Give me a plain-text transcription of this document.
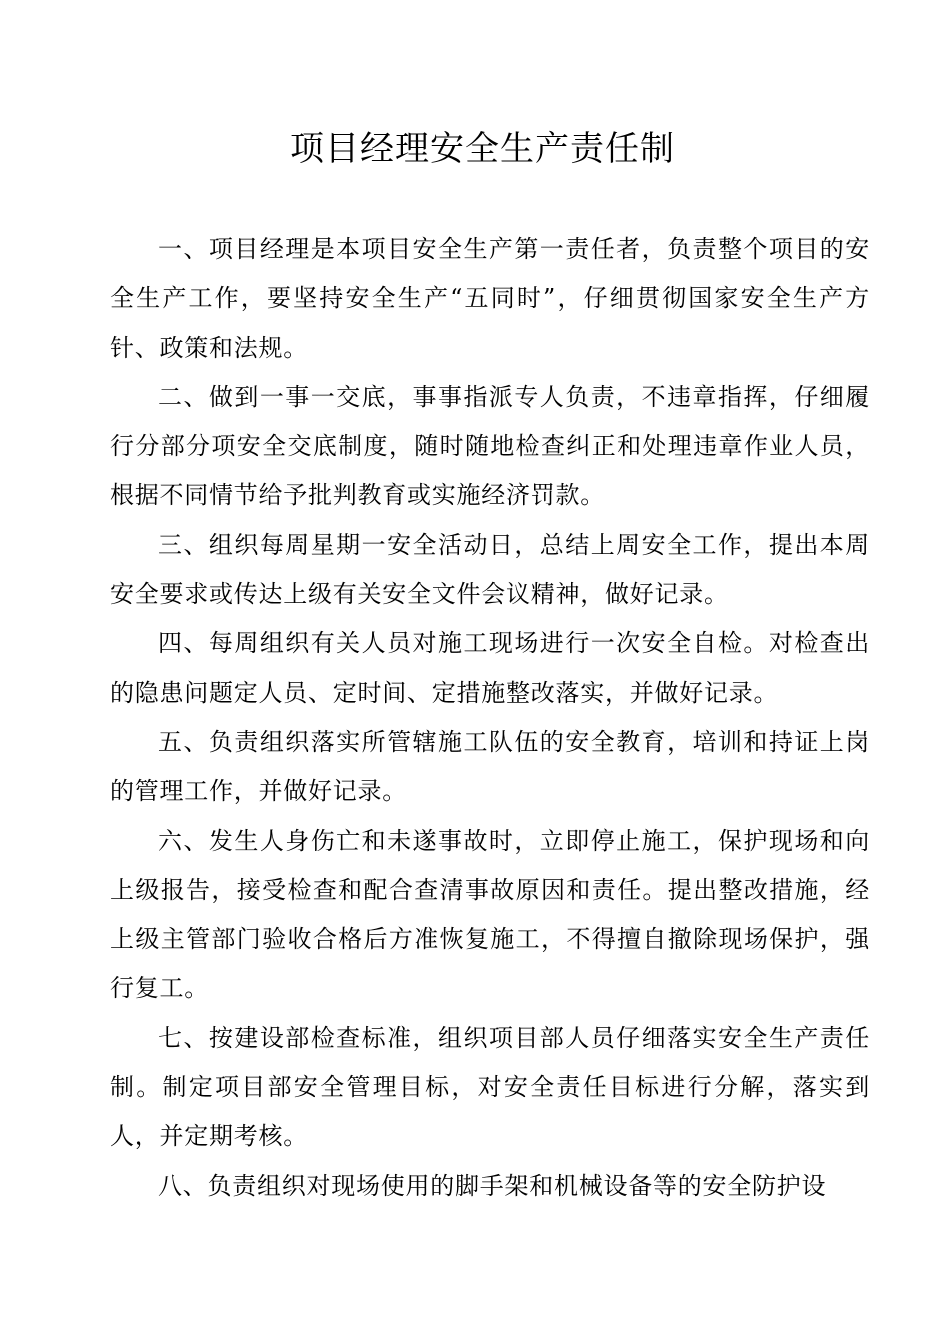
项目经理安全生产责任制

一、项目经理是本项目安全生产第一责任者，负责整个项目的安全生产工作，要坚持安全生产“五同时”，仔细贯彻国家安全生产方针、政策和法规。

二、做到一事一交底，事事指派专人负责，不违章指挥，仔细履行分部分项安全交底制度，随时随地检查纠正和处理违章作业人员，根据不同情节给予批判教育或实施经济罚款。

三、组织每周星期一安全活动日，总结上周安全工作，提出本周安全要求或传达上级有关安全文件会议精神，做好记录。

四、每周组织有关人员对施工现场进行一次安全自检。对检查出的隐患问题定人员、定时间、定措施整改落实，并做好记录。

五、负责组织落实所管辖施工队伍的安全教育，培训和持证上岗的管理工作，并做好记录。

六、发生人身伤亡和未遂事故时，立即停止施工，保护现场和向上级报告，接受检查和配合查清事故原因和责任。提出整改措施，经上级主管部门验收合格后方准恢复施工，不得擅自撤除现场保护，强行复工。

七、按建设部检查标准，组织项目部人员仔细落实安全生产责任制。制定项目部安全管理目标，对安全责任目标进行分解，落实到人，并定期考核。

八、负责组织对现场使用的脚手架和机械设备等的安全防护设
